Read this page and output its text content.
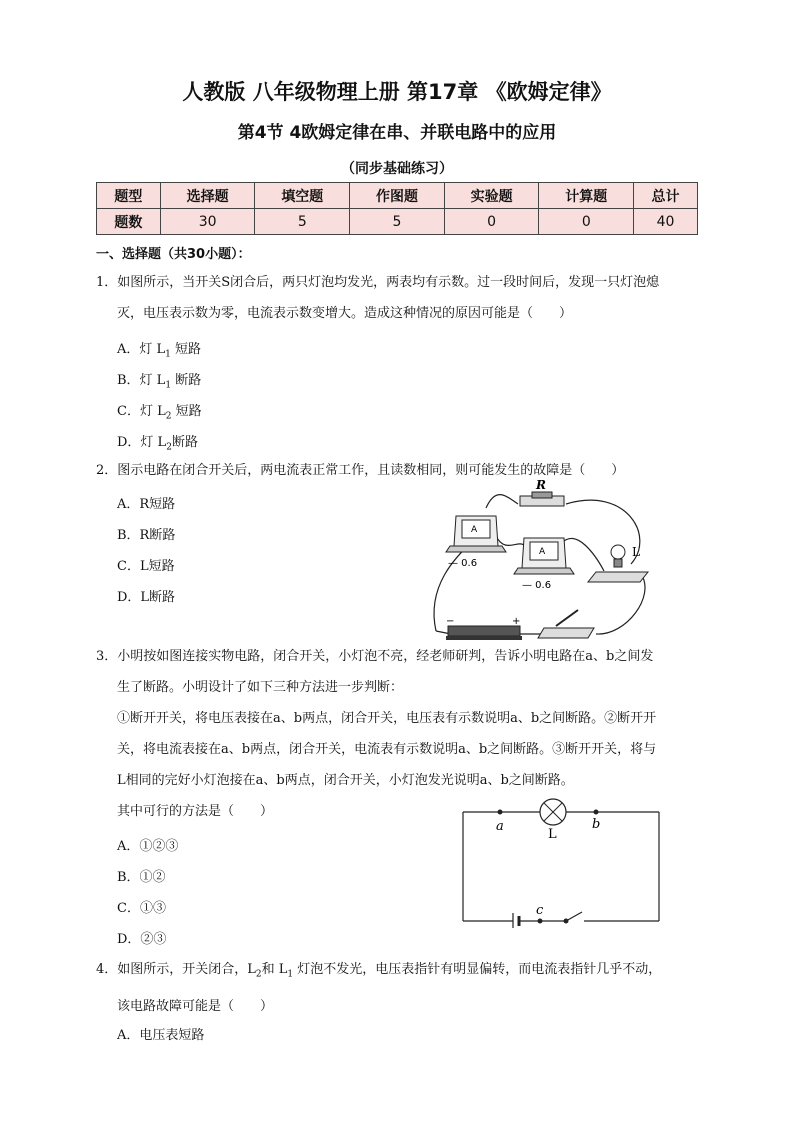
人教版 八年级物理上册 第17章 《欧姆定律》
第4节 4欧姆定律在串、并联电路中的应用
（同步基础练习）
题型	选择题	填空题	作图题	实验题	计算题	总计
题数	30	5	5	0	0	40
一、选择题（共30小题）：

1．如图所示，当开关S闭合后，两只灯泡均发光，两表均有示数。过一段时间后，发现一只灯泡熄

灭，电压表示数为零，电流表示数变增大。造成这种情况的原因可能是（　　）

A．灯 $L_1$ 短路
B．灯 $L_1$ 断路
C．灯 $L_2$ 短路
D．灯 $L_2$断路

2．图示电路在闭合开关后，两电流表正常工作，且读数相同，则可能发生的故障是（　　）

A．R短路
B．R断路
C．L短路
D．L断路
R
A
— 0.6
A
— 0.6
L
−	+

3．小明按如图连接实物电路，闭合开关，小灯泡不亮，经老师研判，告诉小明电路在a、b之间发

生了断路。小明设计了如下三种方法进一步判断：

①断开开关，将电压表接在a、b两点，闭合开关，电压表有示数说明a、b之间断路。②断开开

关，将电流表接在a、b两点，闭合开关，电流表有示数说明a、b之间断路。③断开开关，将与

L相同的完好小灯泡接在a、b两点，闭合开关，小灯泡发光说明a、b之间断路。

其中可行的方法是（　　）

A．①②③
B．①②
C．①③
D．②③
a	b
L
c

4．如图所示，开关闭合，$L_2$和 $L_1$ 灯泡不发光，电压表指针有明显偏转，而电流表指针几乎不动，

该电路故障可能是（　　）

A．电压表短路
